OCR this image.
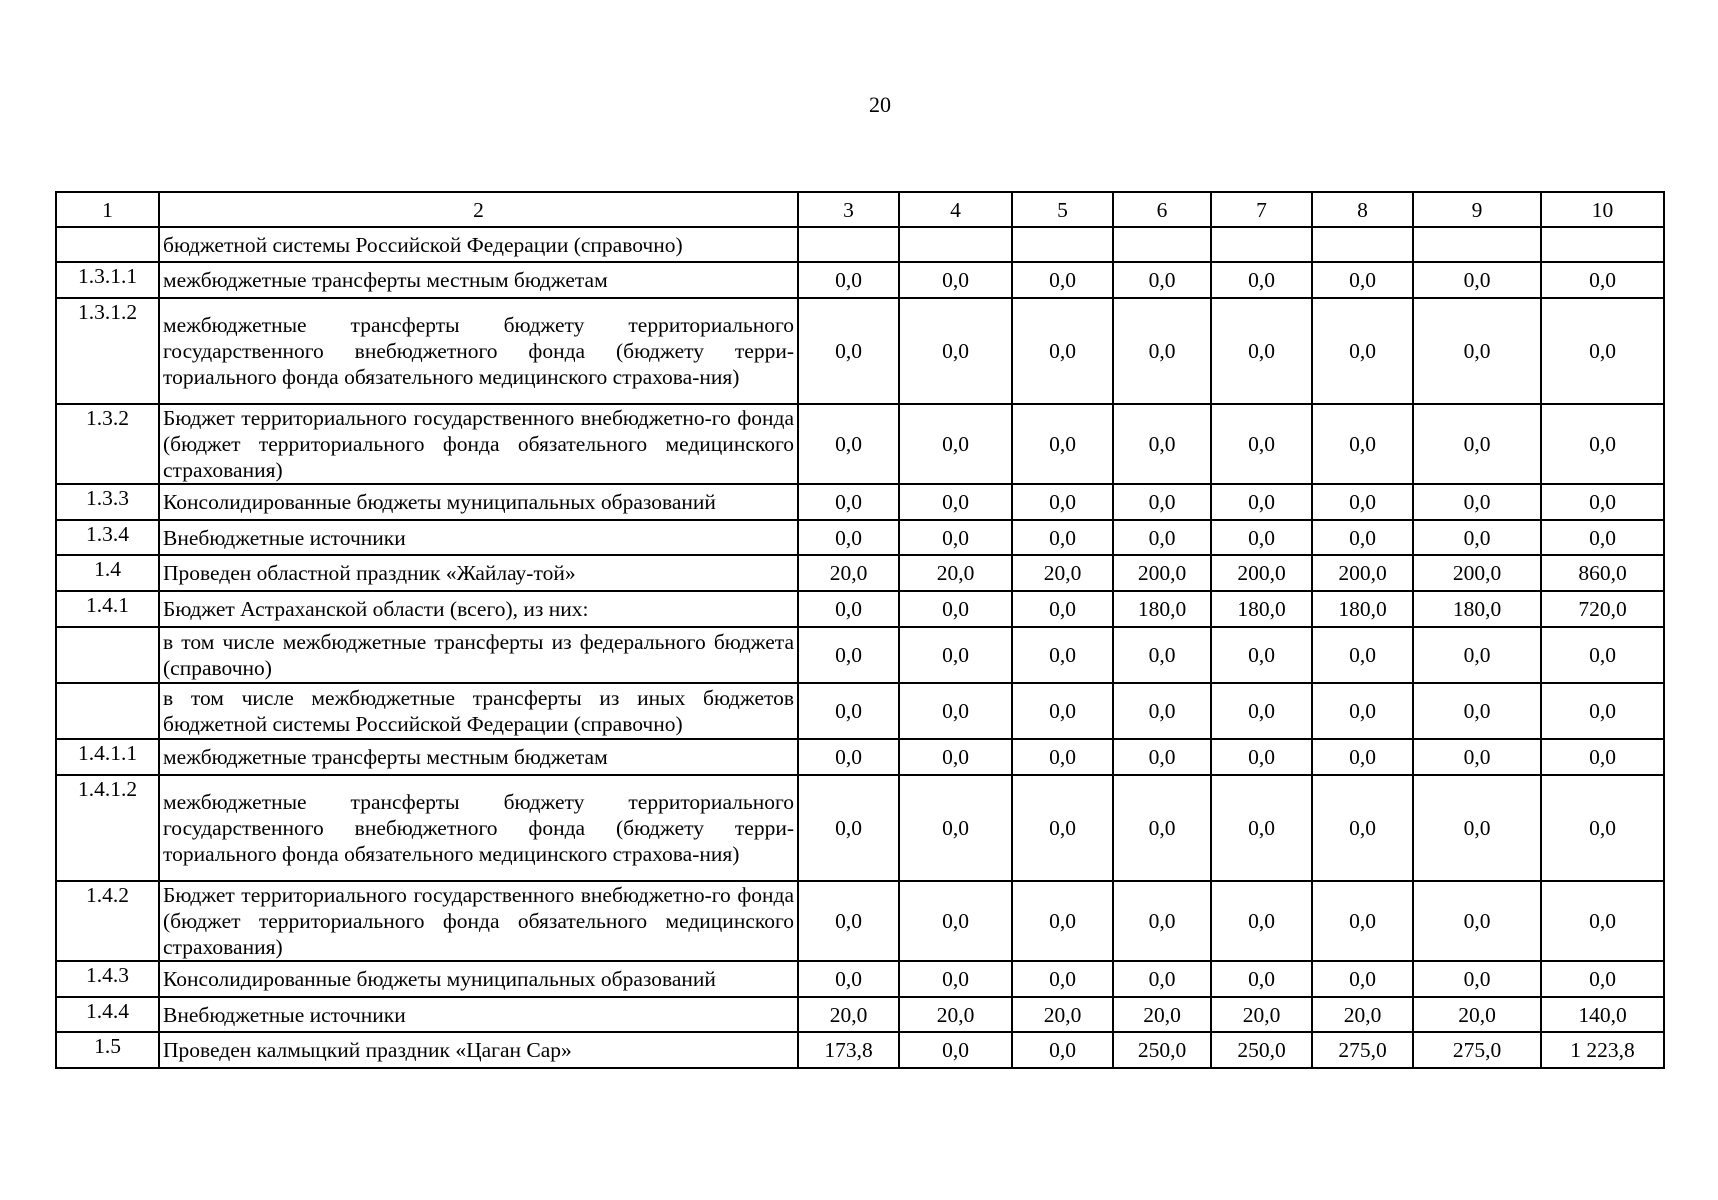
20
1	2	3	4	5	6	7	8	9	10
	бюджетной системы Российской Федерации (справочно)								
1.3.1.1	межбюджетные трансферты местным бюджетам	0,0	0,0	0,0	0,0	0,0	0,0	0,0	0,0
1.3.1.2	межбюджетные трансферты бюджету территориального государственного внебюджетного фонда (бюджету терри-ториального фонда обязательного медицинского страхова-ния)	0,0	0,0	0,0	0,0	0,0	0,0	0,0	0,0
1.3.2	Бюджет территориального государственного внебюджетно-го фонда (бюджет территориального фонда обязательного медицинского страхования)	0,0	0,0	0,0	0,0	0,0	0,0	0,0	0,0
1.3.3	Консолидированные бюджеты муниципальных образований	0,0	0,0	0,0	0,0	0,0	0,0	0,0	0,0
1.3.4	Внебюджетные источники	0,0	0,0	0,0	0,0	0,0	0,0	0,0	0,0
1.4	Проведен областной праздник «Жайлау-той»	20,0	20,0	20,0	200,0	200,0	200,0	200,0	860,0
1.4.1	Бюджет Астраханской области (всего), из них:	0,0	0,0	0,0	180,0	180,0	180,0	180,0	720,0
	в том числе межбюджетные трансферты из федерального бюджета (справочно)	0,0	0,0	0,0	0,0	0,0	0,0	0,0	0,0
	в том числе межбюджетные трансферты из иных бюджетов бюджетной системы Российской Федерации (справочно)	0,0	0,0	0,0	0,0	0,0	0,0	0,0	0,0
1.4.1.1	межбюджетные трансферты местным бюджетам	0,0	0,0	0,0	0,0	0,0	0,0	0,0	0,0
1.4.1.2	межбюджетные трансферты бюджету территориального государственного внебюджетного фонда (бюджету терри-ториального фонда обязательного медицинского страхова-ния)	0,0	0,0	0,0	0,0	0,0	0,0	0,0	0,0
1.4.2	Бюджет территориального государственного внебюджетно-го фонда (бюджет территориального фонда обязательного медицинского страхования)	0,0	0,0	0,0	0,0	0,0	0,0	0,0	0,0
1.4.3	Консолидированные бюджеты муниципальных образований	0,0	0,0	0,0	0,0	0,0	0,0	0,0	0,0
1.4.4	Внебюджетные источники	20,0	20,0	20,0	20,0	20,0	20,0	20,0	140,0
1.5	Проведен калмыцкий праздник «Цаган Сар»	173,8	0,0	0,0	250,0	250,0	275,0	275,0	1 223,8
